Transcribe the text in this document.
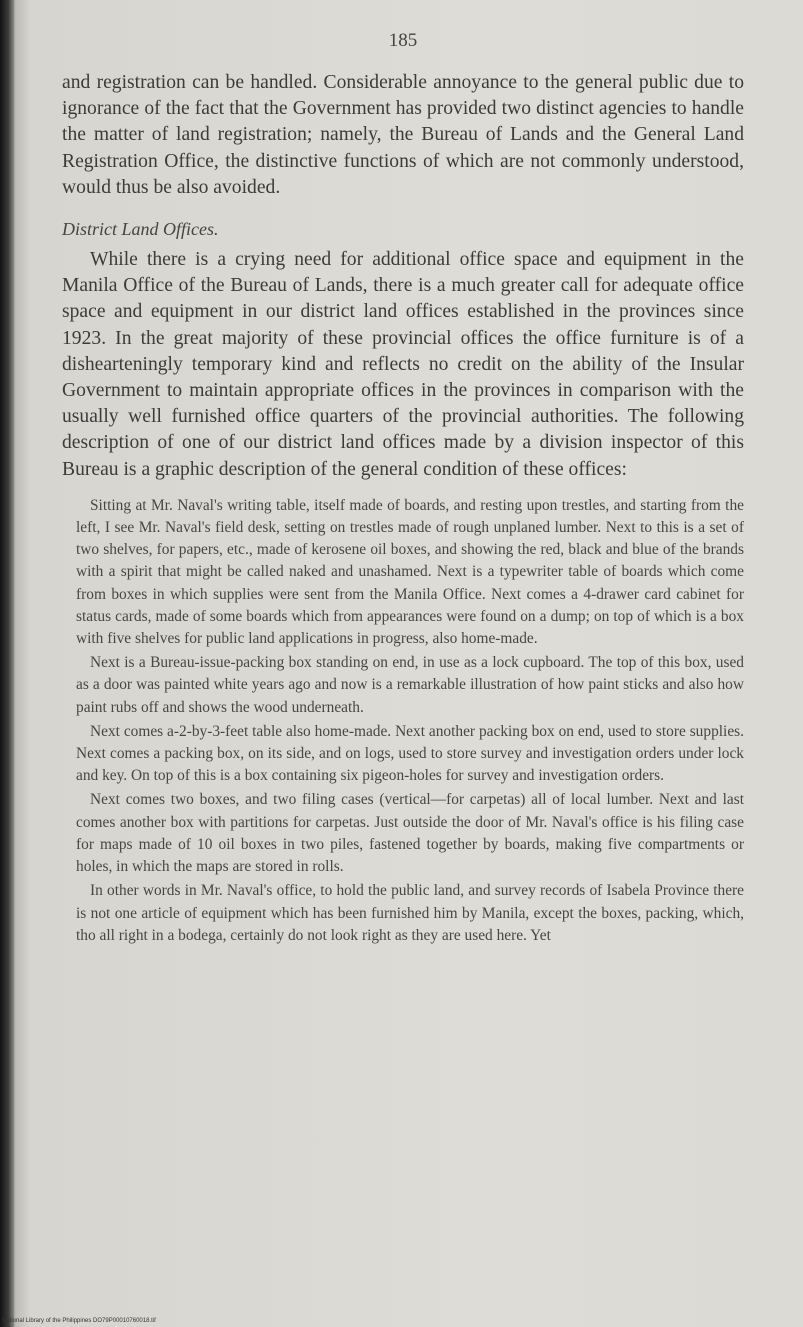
185

and registration can be handled. Considerable annoyance to the general public due to ignorance of the fact that the Government has provided two distinct agencies to handle the matter of land registration; namely, the Bureau of Lands and the General Land Registration Office, the distinctive functions of which are not commonly understood, would thus be also avoided.

District Land Offices.

While there is a crying need for additional office space and equipment in the Manila Office of the Bureau of Lands, there is a much greater call for adequate office space and equipment in our district land offices established in the provinces since 1923. In the great majority of these provincial offices the office furniture is of a dishearteningly temporary kind and reflects no credit on the ability of the Insular Government to maintain appropriate offices in the provinces in comparison with the usually well furnished office quarters of the provincial authorities. The following description of one of our district land offices made by a division inspector of this Bureau is a graphic description of the general condition of these offices:

Sitting at Mr. Naval's writing table, itself made of boards, and resting upon trestles, and starting from the left, I see Mr. Naval's field desk, setting on trestles made of rough unplaned lumber. Next to this is a set of two shelves, for papers, etc., made of kerosene oil boxes, and showing the red, black and blue of the brands with a spirit that might be called naked and unashamed. Next is a typewriter table of boards which come from boxes in which supplies were sent from the Manila Office. Next comes a 4-drawer card cabinet for status cards, made of some boards which from appearances were found on a dump; on top of which is a box with five shelves for public land applications in progress, also home-made.

Next is a Bureau-issue-packing box standing on end, in use as a lock cupboard. The top of this box, used as a door was painted white years ago and now is a remarkable illustration of how paint sticks and also how paint rubs off and shows the wood underneath.

Next comes a-2-by-3-feet table also home-made. Next another packing box on end, used to store supplies. Next comes a packing box, on its side, and on logs, used to store survey and investigation orders under lock and key. On top of this is a box containing six pigeon-holes for survey and investigation orders.

Next comes two boxes, and two filing cases (vertical—for carpetas) all of local lumber. Next and last comes another box with partitions for carpetas. Just outside the door of Mr. Naval's office is his filing case for maps made of 10 oil boxes in two piles, fastened together by boards, making five compartments or holes, in which the maps are stored in rolls.

In other words in Mr. Naval's office, to hold the public land, and survey records of Isabela Province there is not one article of equipment which has been furnished him by Manila, except the boxes, packing, which, tho all right in a bodega, certainly do not look right as they are used here. Yet

National Library of the Philippines DO79P00010760018.tif
